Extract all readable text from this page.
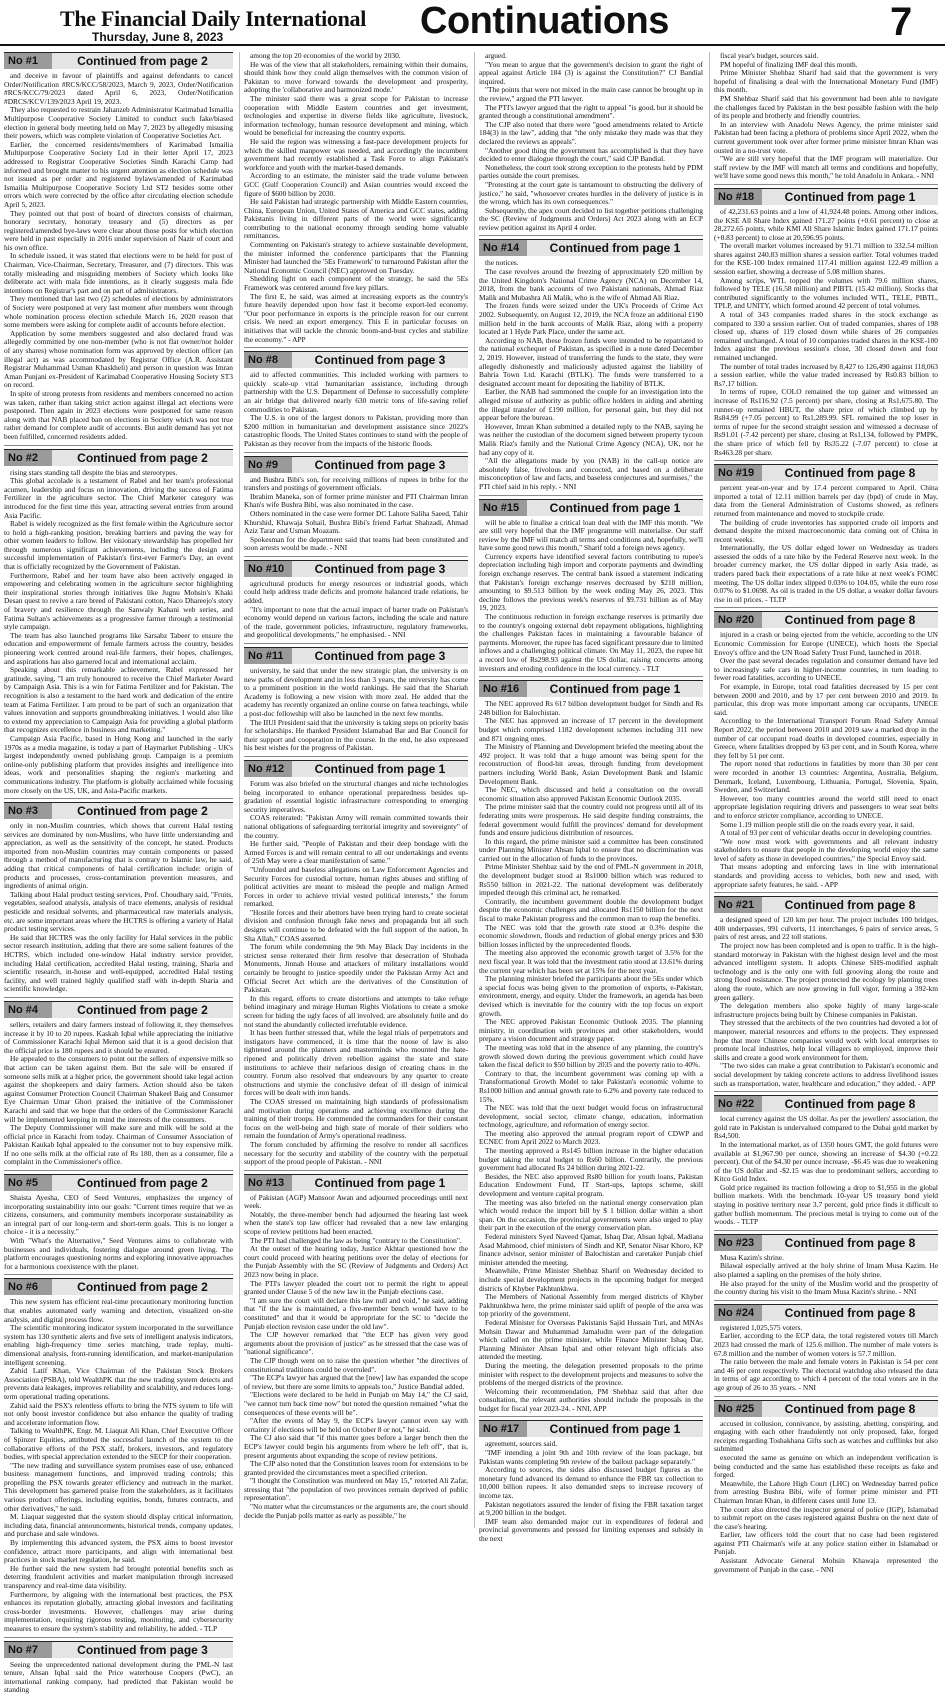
The Financial Daily International
Thursday, June 8, 2023	Continuations	7
No #1	Continued from page 2

and deceive in favour of plaintiffs and against defendants to cancel Order/Notification #RCS/KCC/58/2023, March 9, 2023, Order/Notification #RCS/KCC/79/2023 dated April 6, 2023, Order/Notification #DRCS/KCV/139/2023 April 19, 2023.

They also requested to restrain Jahanzeb Administrator Karimabad Ismailia Multipurpose Cooperative Society Limited to conduct such fake/biased election in general body meeting held on May 7, 2023 by allegedly misusing their powers, which was complete violation of Cooperative Societies Act.

Earlier, the concerned residents/members of Karimabad Ismailia Multipurpose Cooperative Society Ltd in their letter April 17, 2023 addressed to Registrar Cooperative Societies Sindh Karachi Camp had informed and brought matter to his urgent attention as election schedule was not issued as per order and registered bylaws/amended of Karimabad Ismailia Multipurpose Cooperative Society Ltd ST2 besides some other errors which were corrected by the office after circulating election schedule April 5, 2023.

They pointed out that post of board of directors consists of chairman, honorary secretary, honorary treasury and (5) directors as per registered/amended bye-laws were clear about those posts for which election were held in past especially in 2016 under supervision of Nazir of court and his own office.

In schedule issued, it was stated that elections were to be held for post of Chairman, Vice-Chairman, Secretary, Treasurer, and (7) directors. This was totally misleading and misguiding members of Society which looks like deliberate act with mala fide intentions, as it clearly suggests mala fide intentions on Registrar's part and on part of administrators.

They mentioned that last two (2) schedules of elections by administrators of Society were postponed at very last moment after members went through whole nomination process election schedule March 16, 2020 reason that some members were asking for complete audit of accounts before election.

Application by some members suggested and also declared fraud was allegedly committed by one non-member (who is not flat owner/nor holder of any shares) whose nomination form was approved by election officer (an illegal act) as was accommodated by Registrar Office (A.R. Assistant Registrar Muhammad Usman Khaskheli) and person in question was Imran Aman Punjani ex-President of Karimabad Cooperative Housing Society ST3 on record.

In spite of strong protests from residents and members concerned no action was taken, rather than taking strict action against illegal act elections were postponed. Then again in 2023 elections were postponed for same reason along with that NAB placed ban on elections in Society which was not true rather demand for complete audit of accounts. But audit demand has yet not been fulfilled, concerned residents added.

No #2	Continued from page 2

rising stars standing tall despite the bias and stereotypes.

This global accolade is a testament of Rabel and her team's professional acumen, leadership and focus on innovation, driving the success of Fatima Fertilizer in the agriculture sector. The Chief Marketer category was introduced for the first time this year, attracting several entries from around Asia Pacific.

Rabel is widely recognized as the first female within the Agriculture sector to hold a high-ranking position, breaking barriers and paving the way for other women leaders to follow. Her visionary stewardship has propelled her through numerous significant achievements, including the design and successful implementation of Pakistan's first-ever Farmer's Day, an event that is officially recognized by the Government of Pakistan.

Furthermore, Rabel and her team have also been actively engaged in empowering and celebrating women in the agriculture sector highlighting their inspirational stories through initiatives like Jugnu Mohsin's Khaki Desan quest to revive a rare breed of Pakistani cotton, Naco Dhareejo's story of bravery and resilience through the Sanwaly Kahani web series, and Fatima Sultan's achievements as a progressive farmer through a testimonial style campaign.

The team has also launched programs like Sarsabz Tabeer to ensure the education and empowerment of female farmers across the country, besides pioneering work centred around real-life farmers, their hopes, challenges, and aspirations has also garnered local and international acclaim.

Speaking about this remarkable achievement, Rabel expressed her gratitude, saying, "I am truly honoured to receive the Chief Marketer Award by Campaign Asia. This is a win for Fatima Fertilizer and for Pakistan. The recognition is also a testament to the hard work and dedication of the entire team at Fatima Fertilizer. I am proud to be part of such an organization that values innovation and supports groundbreaking initiatives. I would also like to extend my appreciation to Campaign Asia for providing a global platform that recognizes excellence in business and marketing."

Campaign Asia Pacific, based in Hong Kong and launched in the early 1970s as a media magazine, is today a part of Haymarket Publishing - UK's largest independently owned publishing group. Campaign is a premium online-only publishing platform that provides insights and intelligence into ideas, work and personalities shaping the region's marketing and communications industry. The platform is globally acclaimed while focusing more closely on the US, UK, and Asia-Pacific markets.

No #3	Continued from page 2

only in non-Muslim countries, which shows that current Halal testing services are dominated by non-Muslims, who have little understanding and appreciation, as well as the sensitivity of the concept, he stated. Products imported from non-Muslim countries may contain components or passed through a method of manufacturing that is contrary to Islamic law, he said, adding that critical components of halal certification include: origin of products and processes, cross-contamination prevention measures, and ingredients of animal origin.

Talking about Halal product testing services, Prof. Choudhary said, "Fruits, vegetables, seafood analysis, analysis of trace elements, analysis of residual pesticide and residual solvents, and pharmaceutical raw materials analysis, etc. are some important areas where the HCTRS is offering a variety of Halal product testing services.

He said that HCTRS was the only facility for Halal services in the public sector research institution, adding that there are some salient features of the HCTRS, which included one-window Halal industry service provider, including Halal certification, accredited Halal testing, training, Sharia and scientific research, in-house and well-equipped, accredited Halal testing facility, and well trained highly qualified staff with in-depth Sharia and scientific knowledge.

No #4	Continued from page 2

sellers, retailers and dairy farmers instead of following it, they themselves increase it by 10 to 20 rupees. Kaskah Iqbal while appreciating the initiative of Commissioner Karachi Iqbal Memon said that it is a good decision that the official price is 180 rupees and it should be ensured.

He appealed to the consumers to point out the sellers of expensive milk so that action can be taken against them. But the sale will be ensured if someone sells milk at a higher price, the government should take legal action against the shopkeepers and dairy farmers. Action should also be taken against Consumer Protection Council Chairman Shakeel Baig and Consumer Eye Chairman Umar Ghori praised the initiative of the Commissioner Karachi and said that we hope that the orders of the Commissioner Karachi will be implemented keeping in mind the interests of the consumers.

The Deputy Commissioner will make sure and milk will be sold at the official price in Karachi from today. Chairman of Consumer Association of Pakistan Kaukab Iqbal appealed to the consumer not to buy expensive milk. If no one sells milk at the official rate of Rs 180, then as a consumer, file a complaint in the Commissioner's office.

No #5	Continued from page 2

Shaista Ayesha, CEO of Seed Ventures, emphasizes the urgency of incorporating sustainability into our goals: "Current times require that we as citizens, consumers, and community members incorporate sustainability as an integral part of our long-term and short-term goals. This is no longer a choice - it is a necessity."

With "What's the Alternative," Seed Ventures aims to collaborate with businesses and individuals, fostering dialogue around green living. The platform encourages questioning norms and exploring innovative approaches for a harmonious coexistence with the planet.

No #6	Continued from page 2

This new system has efficient real-time precautionary monitoring function that enables automated early warning and detection, visualized on-site analysis, and digital process flow.

The scientific monitoring indicator system incorporated in the surveillance system has 130 synthetic alerts and five sets of intelligent analysis indicators, enabling high-frequency time series matching, trade replay, multi-dimensional analysis, front-running identification, and market-manipulation intelligent screening.

Zahid Latif Khan, Vice Chairman of the Pakistan Stock Brokers Association (PSBA), told WealthPK that the new trading system detects and prevents data leakages, improves reliability and scalability, and reduces long-term operational trading operations.

Zahid said the PSX's relentless efforts to bring the NTS system to life will not only boost investor confidence but also enhance the quality of trading and accelerate information flow.

Talking to WealthPK, Engr. M. Liaquat Ali Khan, Chief Executive Officer of Spinzer Equities, attributed the successful launch of the system to the collaborative efforts of the PSX staff, brokers, investors, and regulatory bodies, with special appreciation extended to the SECP for their cooperation.

"The new trading and surveillance system promises ease of use, enhanced business management functions, and improved trading controls; this propelling the PSX towards greater efficiency and outreach in the market. This development has garnered praise from the stakeholders, as it facilitates various product offerings, including equities, bonds, futures contracts, and other derivatives," he said.

M. Liaquat suggested that the system should display critical information, including data, financial announcements, historical trends, company updates, and purchase and sale windows.

By implementing this advanced system, the PSX aims to boost investor confidence, attract more participants, and align with international best practices in stock market regulation, he said.

He further said the new system had brought potential benefits such as deterring fraudulent activities and market manipulation through increased transparency and real-time data visibility.

Furthermore, by aligning with the international best practices, the PSX enhances its reputation globally, attracting global investors and facilitating cross-border investments. However, challenges may arise during implementation, requiring rigorous testing, monitoring, and cybersecurity measures to ensure the system's stability and reliability, he added. - TLP

No #7	Continued from page 3

Seeing the unprecedented national development during the PML-N last tenure, Ahsan Iqbal said the Price waterhouse Coopers (PwC), an international ranking company, had predicted that Pakistan would be standing

among the top 20 economies of the world by 2030.

He was of the view that all stakeholders, remaining within their domains, should think how they could align themselves with the common vision of Pakistan to move forward towards the development and prosperity, adopting the 'collaborative and harmonized mode.'

The minister said there was a great scope for Pakistan to increase cooperation with Middle Eastern countries and get investment, technologies and expertise in diverse fields like agriculture, livestock, information technology, human resource development and mining, which would be beneficial for increasing the country exports.

He said the region was witnessing a fast-pace development projects for which the skilled manpower was needed, and accordingly the incumbent government had recently established a Task Force to align Pakistan's workforce and youth with the market-based demands.

According to an estimate, the minister said the trade volume between GCC (Gulf Cooperation Council) and Asian countries would exceed the figure of $600 billion by 2030.

He said Pakistan had strategic partnership with Middle Eastern countries, China, European Union, United States of America and GCC states, adding Pakistanis living in different parts of the world were significantly contributing to the national economy through sending home valuable remittances.

Commenting on Pakistan's strategy to achieve sustainable development, the minister informed the conference participants that the Planning Minister had launched the '5Es Framework' to turnaround Pakistan after the National Economic Council (NEC) approved on Tuesday.

Shedding light on each component of the strategy, he said the 5Es Framework was centered around five key pillars.

The first E, he said, was aimed at increasing exports as the country's future heavily depended upon how fast it become export-led economy. "Our poor performance in exports is the principle reason for our current crisis. We need an export emergency. This E in particular focuses on initiatives that will tackle the chronic boom-and-bust cycles and stabilize the economy." - APP

No #8	Continued from page 3

aid to affected communities. This included working with partners to quickly scale-up vital humanitarian assistance, including through partnership with the U.S. Department of Defense to successfully complete an air bridge that delivered nearly 630 metric tons of life-saving relief commodities to Pakistan.

The U.S. is one of the largest donors to Pakistan, providing more than $200 million in humanitarian and development assistance since 2022's catastrophic floods. The United States continues to stand with the people of Pakistan as they recover from the impacts of the historic floods.

No #9	Continued from page 3

and Bushra Bibi's son, for receiving millions of rupees in bribe for the transfers and postings of government officials.

Ibrahim Maneka, son of former prime minister and PTI Chairman Imran Khan's wife Bushra Bibi, was also nominated in the case.

Others nominated in the case were former DC Lahore Saliha Saeed, Tahir Khurshid, Khawaja Sohail, Bushra Bibi's friend Farhat Shahzadi, Ahmad Aziz Tarar and Usman Moazam.

Spokesman for the department said that teams had been constituted and soon arrests would be made. - NNI

No #10	Continued from page 3

agricultural products for energy resources or industrial goods, which could help address trade deficits and promote balanced trade relations, he added.

"It's important to note that the actual impact of barter trade on Pakistan's economy would depend on various factors, including the scale and nature of the trade, government policies, infrastructure, regulatory frameworks, and geopolitical developments," he emphasised. - NNI

No #11	Continued from page 3

university, he said that under the new strategic plan, the university is on new paths of development and in less than 3 years, the university has come to a prominent position in the world rankings. He said that the Shariah Academy is following a new vision with more zeal. He added that the academy has recently organized an online course on fatwa teachings, while a post-doc fellowship will also be launched in the next few months.

The IIUI President said that the university is taking steps on priority basis for scholarships. He thanked President Islamabad Bar and Bar Council for their support and cooperation in the course. In the end, he also expressed his best wishes for the progress of Pakistan.

No #12	Continued from page 1

Forum was also briefed on the structural changes and niche technologies being incorporated to enhance operational preparedness besides up-gradation of essential logistic infrastructure corresponding to emerging security imperatives.

COAS reiterated: "Pakistan Army will remain committed towards their national obligations of safeguarding territorial integrity and sovereignty" of the country.

He further said, "People of Pakistan and their deep bondage with the Armed Forces is and will remain central to all our undertakings and events of 25th May were a clear manifestation of same."

"Unfounded and baseless allegations on Law Enforcement Agencies and Security Forces for custodial torture, human rights abuses and stifling of political activities are meant to mislead the people and malign Armed Forces in order to achieve trivial vested political interests," the forum remarked.

"Hostile forces and their abettors have been trying hard to create societal division and confusion through fake news and propaganda but all such designs will continue to be defeated with the full support of the nation, In Sha Allah," COAS asserted.

The forum while condemning the 9th May Black Day incidents in the strictest sense reiterated their firm resolve that desecration of Shuhada Monuments, Jinnah House and attackers of military installations would certainly be brought to justice speedily under the Pakistan Army Act and Official Secret Act which are the derivatives of the Constitution of Pakistan.

In this regard, efforts to create distortions and attempts to take refuge behind imaginary and mirage Human Rights Violations to create a smoke screen for hiding the ugly faces of all involved, are absolutely futile and do not stand the abundantly collected irrefutable evidence.

It has been further stressed that, while the legal trials of perpetrators and instigators have commenced, it is time that the noose of law is also tightened around the planners and masterminds who mounted the hate-ripened and politically driven rebellion against the state and state institutions to achieve their nefarious design of creating chaos in the country. Forum also resolved that endeavours by any quarter to create obstructions and stymie the conclusive defeat of ill design of inimical forces will be dealt with iron hands.

The COAS stressed on maintaining high standards of professionalism and motivation during operations and achieving excellence during the training of their troops. He commended the commanders for their constant focus on the well-being and high state of morale of their soldiers who remain the foundation of Army's operational readiness.

The forum concluded by affirming the resolve to render all sacrifices necessary for the security and stability of the country with the perpetual support of the proud people of Pakistan. - NNI

No #13	Continued from page 1

of Pakistan (AGP) Mansoor Awan and adjourned proceedings until next week.

Notably, the three-member bench had adjourned the hearing last week when the state's top law officer had revealed that a new law enlarging scope of review petitions had been enacted.

The PTI had challenged the law as being "contrary to the Constitution".

At the outset of the hearing today, Justice Akhtar questioned how the court could proceed with hearing petitions over the delay of elections for the Punjab Assembly with the SC (Review of Judgments and Orders) Act 2023 now being in place.

The PTI's lawyer pleaded the court not to permit the right to appeal granted under Clause 5 of the new law in the Punjab elections case.

"I am sure the court will declare this law null and void," he said, adding that "if the law is maintained, a five-member bench would have to be constituted" and that it would be appropriate for the SC to "decide the Punjab election revision case under the old law".

The CJP however remarked that "the ECP has given very good arguments about the provision of justice" as he stressed that the case was of "national significance".

The CJP though went on to raise the question whether "the directives of constitutional traditions could be overruled".

"The ECP's lawyer has argued that the [new] law has expanded the scope of review, but there are some limits to appeals too," Justice Bandial added.

"Elections were declared to be held in Punjab on May 14," the CJ said, "we cannot turn back time now" but noted the question remained "what the consequences of these events will be".

"After the events of May 9, the ECP's lawyer cannot even say with certainty if elections will be held on October 8 or not," he said.

The CJ also said that "if this matter goes before a larger bench then the ECP's lawyer could begin his arguments from where he left off", that is, present arguments about expanding the scope of review petitions.

The CJP also noted that the Constitution leaves room for extensions to be granted provided the circumstances meet a specified criterion.

"I thought the Constitution was murdered on May 15," retorted Ali Zafar, stressing that "the population of two provinces remain deprived of public representation".

"No matter what the circumstances or the arguments are, the court should decide the Punjab polls matter as early as possible," he

argued.

"You mean to argue that the government's decision to grant the right of appeal against Article 184 (3) is against the Constitution?" CJ Bandial inquired.

"The points that were not mixed in the main case cannot be brought up in the review," argued the PTI lawyer.

The PTI's lawyer argued that the right to appeal "is good, but it should be granted through a constitutional amendment".

The CJP also noted that there were "good amendments related to Article 184(3) in the law", adding that "the only mistake they made was that they declared the reviews as appeals".

"Another good thing the government has accomplished is that they have decided to enter dialogue through the court," said CJP Bandial.

Nonetheless, the court took strong exception to the protests held by PDM parties outside the court premises.

"Protesting at the court gate is tantamount to obstructing the delivery of justice," he said, "whosoever creates hurdles in the delivery of justice is in the wrong, which has its own consequences."

Subsequently, the apex court decided to list together petitions challenging the SC (Review of Judgments and Orders) Act 2023 along with an ECP review petition against its April 4 order.

No #14	Continued from page 1

the notices.

The case revolves around the freezing of approximately £20 million by the United Kingdom's National Crime Agency (NCA) on December 14, 2018, from the bank accounts of two Pakistani nationals, Ahmad Riaz Malik and Mubashra Ali Malik, who is the wife of Ahmad Ali Riaz.

The frozen funds were seized under the UK's Proceeds of Crime Act 2002. Subsequently, on August 12, 2019, the NCA froze an additional £190 million held in the bank accounts of Malik Riaz, along with a property located at 1 Hyde Park Place, under the same act.

According to NAB, these frozen funds were intended to be repatriated to the national exchequer of Pakistan, as specified in a note dated December 2, 2019. However, instead of transferring the funds to the state, they were allegedly dishonestly and maliciously adjusted against the liability of Bahria Town Ltd. Karachi (BTLK). The funds were transferred to a designated account meant for depositing the liability of BTLK.

Earlier, the NAB had summoned the couple for an investigation into the alleged misuse of authority as public office holders in aiding and abetting the illegal transfer of £190 million, for personal gain, but they did not appear before the bureau.

However, Imran Khan submitted a detailed reply to the NAB, saying he was neither the custodian of the document signed between property tycoon Malik Riaz's family and the National Crime Agency (NCA), UK, nor he had any copy of it.

"All the allegations made by you (NAB) in the call-up notice are absolutely false, frivolous and concocted, and based on a deliberate misconception of law and facts, and baseless conjectures and surmises," the PTI chief said in his reply. - NNI

No #15	Continued from page 1

will be able to finalise a critical loan deal with the IMF this month. "We are still very hopeful that the IMF programme will materialise. Our staff review by the IMF will match all terms and conditions and, hopefully, we'll have some good news this month," Sharif told a foreign news agency.

Currency experts have identified several factors contributing to rupee's depreciation including high import and corporate payments and dwindling foreign exchange reserves. The central bank issued a statement indicating that Pakistan's foreign exchange reserves decreased by $218 million, amounting to $9.513 billion by the week ending May 26, 2023. This decline follows the previous week's reserves of $9.731 billion as of May 19, 2023.

The continuous reduction in foreign exchange reserves is primarily due to the country's ongoing external debt repayment obligations, highlighting the challenges Pakistan faces in maintaining a favourable balance of payments. Moreover, the rupee has faced significant pressure due to limited inflows and a challenging political climate. On May 11, 2023, the rupee hit a record low of Rs298.93 against the US dollar, raising concerns among investors and eroding confidence in the local currency. - TLT

No #16	Continued from page 1

The NEC approved Rs 617 billion development budget for Sindh and Rs 248 billion for Balochistan.

The NEC has approved an increase of 17 percent in the development budget which comprised 1182 development schemes including 311 new and 871 ongoing ones.

The Ministry of Planning and Development briefed the meeting about the 492 project. It was told that a huge amount was being spent for the reconstruction of flood-hit areas, through funding from development partners including World Bank, Asian Development Bank and Islamic Development Bank.

The NEC, which discussed and held a consultation on the overall economic situation also approved Pakistan Economic Outlook 2035.

The prime minister said that the country could not progress until all of its federating units were prosperous. He said despite funding constraints, the federal government would fulfill the provinces' demand for development funds and ensure judicious distribution of resources.

In this regard, the prime minister said a committee has been constituted under Planning Minister Ahsan Iqbal to ensure that no discrimination was carried out in the allocation of funds to the provinces.

Prime Minister Shehbaz said by the end of PML-N government in 2018, the development budget stood at Rs1000 billion which was reduced to Rs550 billion in 2021-22. The national development was deliberately impeded through this criminal act, he remarked.

Contrarily, the incumbent government double the development budget despite the economic challenges and allocated Rs1150 billion for the next fiscal to make Pakistan progress and the common man to reap the benefits.

The NEC was told that the growth rate stood at 0.3% despite the economic slowdown, floods and reduction of global energy prices and $30 billion losses inflicted by the unprecedented floods.

The meeting also approved the economic growth target of 3.5% for the next fiscal year. It was told that the investment ratio stood at 13.61% during the current year which has been set at 15% for the next year.

The planning minister briefed the participants about the 5Es under which a special focus was being given to the promotion of exports, e-Pakistan, environment, energy, and equity. Under the framework, an agenda has been devised which is inevitable for the country with the top focus on export growth.

The NEC approved Pakistan Economic Outlook 2035. The planning ministry, in coordination with provinces and other stakeholders, would prepare a vision document and strategy paper.

The meeting was told that in the absence of any planning, the country's growth slowed down during the previous government which could have taken the fiscal deficit to $50 billion by 2035 and the poverty ratio to 40%.

Contrary to that, the incumbent government was coming up with a Transformational Growth Model to take Pakistan's economic volume to Rs1000 billion and annual growth rate to 6.2% and poverty rate reduced to 15%.

The NEC was told that the next budget would focus on infrastructural development, social sector, climate change, education, information technology, agriculture, and reformation of energy sector.

The meeting also approved the annual program report of CDWP and ECNEC from April 2022 to March 2023.

The meeting approved a Rs145 billion increase in the higher education budget taking the total budget to Rs60 billion. Contrarily, the previous government had allocated Rs 24 billion during 2021-22.

Besides, the NEC also approved Rs80 billion for youth loans, Pakistan Education Endowment Fund, IT Start-ups, laptops scheme, skill development and venture capital program.

The meeting was also briefed on the national energy conservation plan which would reduce the import bill by $ 1 billion dollar within a short span. On the occasion, the provincial governments were also urged to play their part in the execution of the energy conservation plan.

Federal ministers Syed Naveed Qamar, Ishaq Dar, Ahsan Iqbal, Madiana Asad Mahmood, chief ministers of Sindh and KP, Senator Nisar Khoro, KP finance advisor, senior minister of Balochistan and caretaker Punjab chief minister attended the meeting.

Meanwhile, Prime Minister Shehbaz Sharif on Wednesday decided to include special development projects in the upcoming budget for merged districts of Khyber Pakhtunkhwa.

The Members of National Assembly from merged districts of Khyber Pakhtunkhwa here, the prime minister said uplift of people of the area was top priority of the government.

Federal Minister for Overseas Pakistanis Sajid Hussain Turi, and MNAs Mohsin Dawar and Muhammad Jamaludin were part of the delegation which called on the prime minister, while Finance Minister Ishaq Dar, Planning Minister Ahsan Iqbal and other relevant high officials also attended the meeting.

During the meeting, the delegation presented proposals to the prime minister with respect to the development projects and measures to solve the problems of the merged districts of the province.

Welcoming their recommendation, PM Shehbaz said that after due consultation, the relevant authorities should include the proposals in the budget for fiscal year 2023-24. - NNI, APP

No #17	Continued from page 1

agreement, sources said.

"IMF intending a joint 9th and 10th review of the loan package, but Pakistan wants completing 9th review of the bailout package separately."

According to sources, the sides also discussed budget figures as the monetary fund advanced its demand to enhance the FBR tax collection to 10,000 billion rupees. It also demanded steps to increase recovery of income tax.

Pakistan negotiators assured the lender of fixing the FBR taxation target at 9,200 billion in the budget.

IMF team also demanded major cut in expenditures of federal and provincial governments and pressed for limiting expenses and subsidy in the next

fiscal year's budget, sources said.

PM hopeful of finalizing IMF deal this month.

Prime Minister Shehbaz Sharif had said that the government is very hopeful of finalising a deal with the International Monetary Fund (IMF) this month.

PM Shehbaz Sharif said that his government had been able to navigate the challenges faced by Pakistan in the best possible fashion with the help of its people and brotherly and friendly countries.

In an interview with Anadolu News Agency, the prime minister said Pakistan had been facing a plethora of problems since April 2022, when the current government took over after former prime minister Imran Khan was ousted in a no-trust vote.

"We are still very hopeful that the IMF program will materialize. Our staff review by the IMF will match all terms and conditions and hopefully, we'll have some good news this month," he told Anadolu in Ankara. - NNI

No #18	Continued from page 1

of 42,231.63 points and a low of 41,924.48 points. Among other indices, the KSE All Share Index gained 171.27 points (+0.61 percent) to close at 28,272.65 points, while KMI All Share Islamic Index gained 171.17 points (+0.83 percent) to close at 20,596.95 points.

The overall market volumes increased by 91.71 million to 332.54 million shares against 240.83 million shares a session earlier. Total volumes traded for the KSE-100 Index remained 117.41 million against 122.49 million a session earlier, showing a decrease of 5.08 million shares.

Among scrips, WTL topped the volumes with 79.6 million shares, followed by TELE (16.58 million) and PIBTL (15.42 million). Stocks that contributed significantly to the volumes included WTL, TELE, PIBTL, TPLP, and UNITY, which formed around 42 percent of total volumes.

A total of 343 companies traded shares in the stock exchange as compared to 330 a session earlier. Out of traded companies, shares of 198 closed up, shares of 119 closed down while shares of 26 companies remained unchanged. A total of 10 companies traded shares in the KSE-100 Index against the previous session's close, 30 closed down and four remained unchanged.

The number of total trades increased by 8,427 to 126,490 against 118,063 a session earlier, while the value traded increased by Rs0.83 billion to Rs7.17 billion.

In terms of rupee, COLO remained the top gainer and witnessed an increase of Rs116.92 (7.5 percent) per share, closing at Rs1,675.80. The runner-up remained HBUT, the share price of which climbed up by Rs84.99 (+7.05 percent) to Rs1,289.99. SFL remained the top loser in terms of rupee for the second straight session and witnessed a decrease of Rs91.01 (-7.42 percent) per share, closing at Rs1,134, followed by PMPK, the share price of which fell by Rs35.22 (-7.07 percent) to close at Rs463.28 per share.

No #19	Continued from page 8

percent year-on-year and by 17.4 percent compared to April. China imported a total of 12.11 million barrels per day (bpd) of crude in May, data from the General Administration of Customs showed, as refiners returned from maintenance and moved to stockpile crude.

The building of crude inventories has supported crude oil imports and demand despite the mixed macroeconomic data coming out of China in recent weeks.

Internationally, the US dollar edged lower on Wednesday as traders assessed the odds of a rate hike by the Federal Reserve next week. In the broader currency market, the US dollar dipped in early Asia trade, as traders pared back their expectations of a rate hike at next week's FOMC meeting. The US dollar index slipped 0.03% to 104.05, while the euro rose 0.07% to $1.0698. As oil is traded in the US dollar, a weaker dollar favours rise in oil prices. - TLTP

No #20	Continued from page 8

injured in a crash or being ejected from the vehicle, according to the UN Economic Commission for Europe (UNECE), which hosts the Special Envoy's office and the UN Road Safety Trust Fund, launched in 2018.

Over the past several decades regulation and consumer demand have led to increasingly safe cars in higher-income countries, in turn leading to fewer road fatalities, according to UNECE.

For example, in Europe, total road fatalities decreased by 15 per cent between 2000 and 2010, and by 17 per cent between 2010 and 2019. In particular, this drop was more important among car occupants, UNECE said.

According to the International Transport Forum Road Safety Annual Report 2022, the period between 2010 and 2019 saw a marked drop in the number of car occupant road deaths in developed countries, especially in Greece, where fatalities dropped by 63 per cent, and in South Korea, where they fell by 51 per cent.

The report noted that reductions in fatalities by more than 30 per cent were recorded in another 13 countries: Argentina, Australia, Belgium, Denmark, Iceland, Luxembourg, Lithuania, Portugal, Slovenia, Spain, Sweden, and Switzerland.

However, too many countries around the world still need to enact appropriate legislation requiring drivers and passengers to wear seat belts and to enforce stricter compliance, according to UNECE.

Some 1.19 million people still die on the roads every year, it said.

A total of 93 per cent of vehicular deaths occur in developing countries.

"We now must work with governments and all relevant industry stakeholders to ensure that people in the developing world enjoy the same level of safety as those in developed countries," the Special Envoy said.

That means adopting and enforcing laws in line with international standards and providing access to vehicles, both new and used, with appropriate safety features, he said. - APP

No #21	Continued from page 8

a designed speed of 120 km per hour. The project includes 100 bridges, 408 underpasses, 991 culverts, 11 interchanges, 6 pairs of service areas, 5 pairs of rest areas, and 22 toll stations.

The project now has been completed and is open to traffic. It is the high-standard motorway in Pakistan with the highest design level and the most advanced intelligent system. It adopts Chinese SHS-modified asphalt technology and is the only one with full grooving along the route and strong flood resistance. The project protected the ecology by planting trees along the route, which are now growing in full vigor, forming a 392-km green gallery.

The delegation members also spoke highly of many large-scale infrastructure projects being built by Chinese companies in Pakistan.

They stressed that the architects of the two countries had devoted a lot of manpower, material resources and efforts to the projects. They expressed hope that more Chinese companies would work with local enterprises to promote local industries, help local villagers to employed, improve their skills and create a good work environment for them.

"The two sides can make a great contribution to Pakistan's economic and social development by taking concrete actions to address livelihood issues such as transportation, water, healthcare and education," they added. - APP

No #22	Continued from page 8

local currency against the US dollar. As per the jewellers' association, the gold rate in Pakistan is undervalued compared to the Dubai gold market by Rs4,500.

In the international market, as of 1350 hours GMT, the gold futures were available at $1,967.90 per ounce, showing an increase of $4.30 (+0.22 percent). Out of the $4.30 per ounce increase, -$6.45 was due to weakening of the US dollar and -$2.15 was due to predominant sellers, according to Kitco Gold Index.

Gold price regained its traction following a drop to $1,955 in the global bullion markets. With the benchmark 10-year US treasury bond yield staying in positive territory near 3.7 percent, gold price finds it difficult to gather bullish momentum. The precious metal is trying to come out of the woods. - TLTP

No #23	Continued from page 8

Musa Kazim's shrine.

Bilawal especially arrived at the holy shrine of Imam Musa Kazim. He also planted a sapling on the premises of the holy shrine.

He also prayed for the unity of the Muslim world and the prosperity of the country during his visit to the Imam Musa Kazim's shrine. - NNI

No #24	Continued from page 8

registered 1,025,575 voters.

Earlier, according to the ECP data, the total registered voters till March 2023 had crossed the mark of 125.6 million. The number of male voters is 67.8 million and the number of women voters is 57.7 million.

The ratio between the male and female voters in Pakistan is 54 per cent and 46 per cent respectively. The electoral watchdog also released the data in terms of age according to which 4 percent of the total voters are in the age group of 26 to 35 years. - NNI

No #25	Continued from page 8

accused in collusion, connivance, by assisting, abetting, conspiring, and engaging with each other fraudulently not only proposed, fake, forged receipts regarding Toshakhana Gifts such as watches and cufflinks but also submitted

executed the same as genuine on which an independent verification is being conducted and the same has established these receipts as fake and forged.

Meanwhile, the Lahore High Court (LHC) on Wednesday barred police from arresting Bushra Bibi, wife of former prime minister and PTI Chairman Imran Khan, in different cases until June 13.

The court also directed the inspector general of police (IGP), Islamabad to submit report on the cases registered against Bushra on the next date of the case's hearing.

Earlier, law officers told the court that no case had been registered against PTI Chairman's wife at any police station either in Islamabad or Punjab.

Assistant Advocate General Mohsin Khawaja represented the government of Punjab in the case. - NNI
